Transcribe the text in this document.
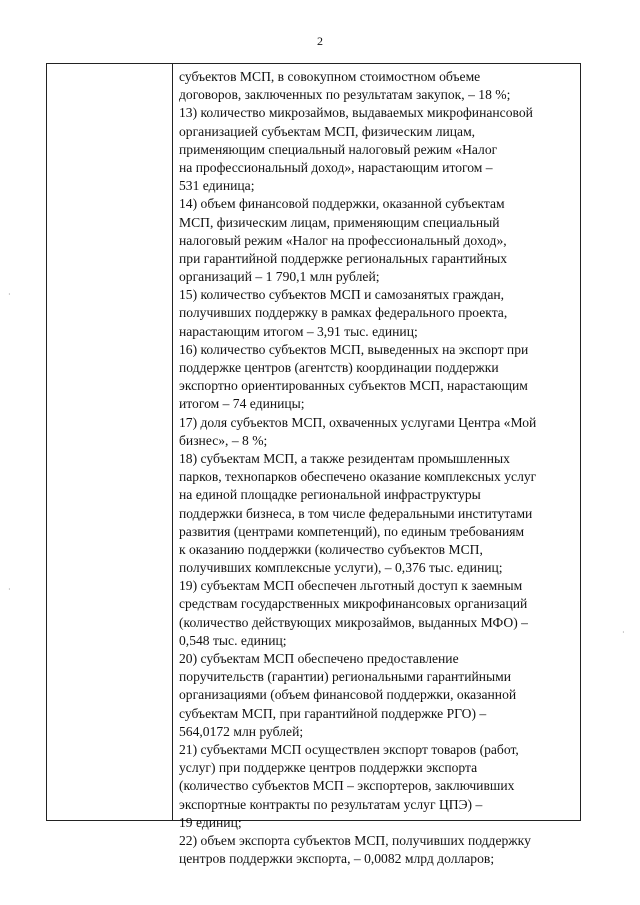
2
субъектов МСП, в совокупном стоимостном объеме
договоров, заключенных по результатам закупок, – 18 %;
13) количество микрозаймов, выдаваемых микрофинансовой
организацией субъектам МСП, физическим лицам,
применяющим специальный налоговый режим «Налог
на профессиональный доход», нарастающим итогом –
531 единица;
14) объем финансовой поддержки, оказанной субъектам
МСП, физическим лицам, применяющим специальный
налоговый режим «Налог на профессиональный доход»,
при гарантийной поддержке региональных гарантийных
организаций – 1 790,1 млн рублей;
15) количество субъектов МСП и самозанятых граждан,
получивших поддержку в рамках федерального проекта,
нарастающим итогом – 3,91 тыс. единиц;
16) количество субъектов МСП, выведенных на экспорт при
поддержке центров (агентств) координации поддержки
экспортно ориентированных субъектов МСП, нарастающим
итогом – 74 единицы;
17) доля субъектов МСП, охваченных услугами Центра «Мой
бизнес», – 8 %;
18) субъектам МСП, а также резидентам промышленных
парков, технопарков обеспечено оказание комплексных услуг
на единой площадке региональной инфраструктуры
поддержки бизнеса, в том числе федеральными институтами
развития (центрами компетенций), по единым требованиям
к оказанию поддержки (количество субъектов МСП,
получивших комплексные услуги), – 0,376 тыс. единиц;
19) субъектам МСП обеспечен льготный доступ к заемным
средствам государственных микрофинансовых организаций
(количество действующих микрозаймов, выданных МФО) –
0,548 тыс. единиц;
20) субъектам МСП обеспечено предоставление
поручительств (гарантии) региональными гарантийными
организациями (объем финансовой поддержки, оказанной
субъектам МСП, при гарантийной поддержке РГО) –
564,0172 млн рублей;
21) субъектами МСП осуществлен экспорт товаров (работ,
услуг) при поддержке центров поддержки экспорта
(количество субъектов МСП – экспортеров, заключивших
экспортные контракты по результатам услуг ЦПЭ) –
19 единиц;
22) объем экспорта субъектов МСП, получивших поддержку
центров поддержки экспорта, – 0,0082 млрд долларов;
·
·
·
